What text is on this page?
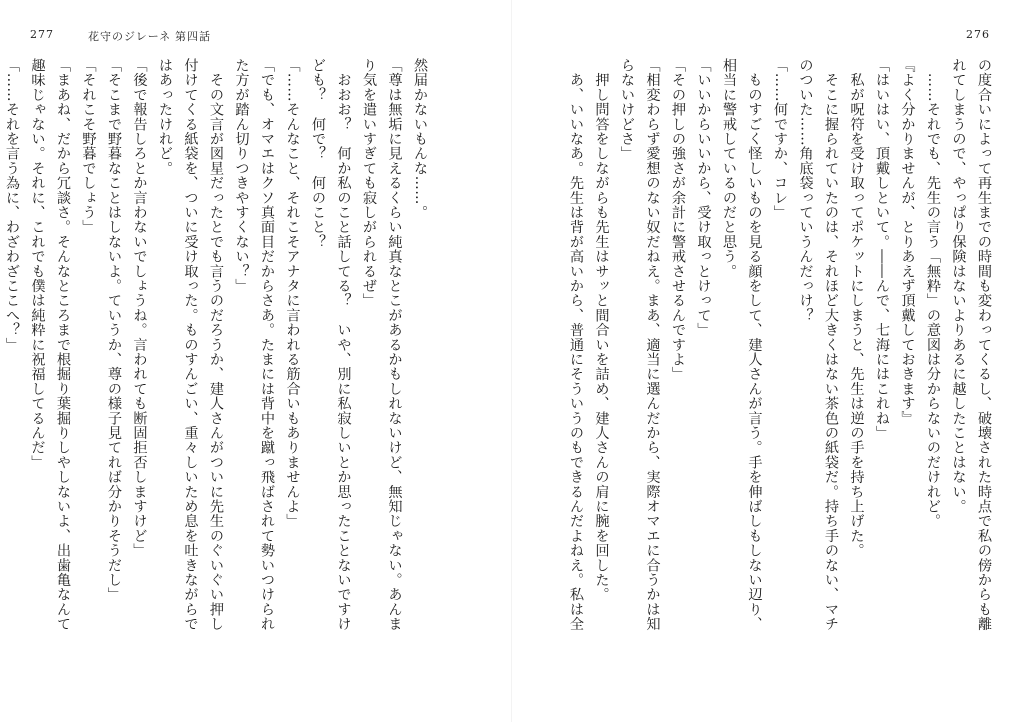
277	花守のジレーネ 第四話
然届かないもんな……。
「尊は無垢に見えるくらい純真なとこがあるかもしれないけど、無知じゃない。あんま
り気を遣いすぎても寂しがられるぜ」
　おおお？　何か私のこと話してる？　いや、別に私寂しいとか思ったことないですけ
ども？　何で？　何のこと？
「……そんなこと、それこそアナタに言われる筋合いもありませんよ」
「でも、オマエはクソ真面目だからさあ。たまには背中を蹴っ飛ばされて勢いつけられ
た方が踏ん切りつきやすくない？」
　その文言が図星だったとでも言うのだろうか、建人さんがついに先生のぐいぐい押し
付けてくる紙袋を、ついに受け取った。ものすんごい、重々しいため息を吐きながらで
はあったけれど。
「後で報告しろとか言わないでしょうね。言われても断固拒否しますけど」
「そこまで野暮なことはしないよ。ていうか、尊の様子見てれば分かりそうだし」
「それこそ野暮でしょう」
「まあね、だから冗談さ。そんなところまで根掘り葉掘りしやしないよ、出歯亀なんて
趣味じゃない。それに、これでも僕は純粋に祝福してるんだ」
「……それを言う為に、わざわざここへ？」
276
の度合いによって再生までの時間も変わってくるし、破壊された時点で私の傍からも離
れてしまうので、やっぱり保険はないよりあるに越したことはない。
　……それでも、先生の言う「無粋」の意図は分からないのだけれど。
『よく分かりませんが、とりあえず頂戴しておきます』
「はいはい、頂戴しといて。――んで、七海にはこれね」
　私が呪符を受け取ってポケットにしまうと、先生は逆の手を持ち上げた。
　そこに握られていたのは、それほど大きくはない茶色の紙袋だ。持ち手のない、マチ
のついた……角底袋っていうんだっけ？
「……何ですか、コレ」
　ものすごく怪しいものを見る顔をして、建人さんが言う。手を伸ばしもしない辺り、
相当に警戒しているのだと思う。
「いいからいいから、受け取っとけって」
「その押しの強さが余計に警戒させるんですよ」
「相変わらず愛想のない奴だねえ。まあ、適当に選んだから、実際オマエに合うかは知
らないけどさ」
　押し問答をしながらも先生はサッと間合いを詰め、建人さんの肩に腕を回した。
　あ、いいなあ。先生は背が高いから、普通にそういうのもできるんだよねえ。私は全
